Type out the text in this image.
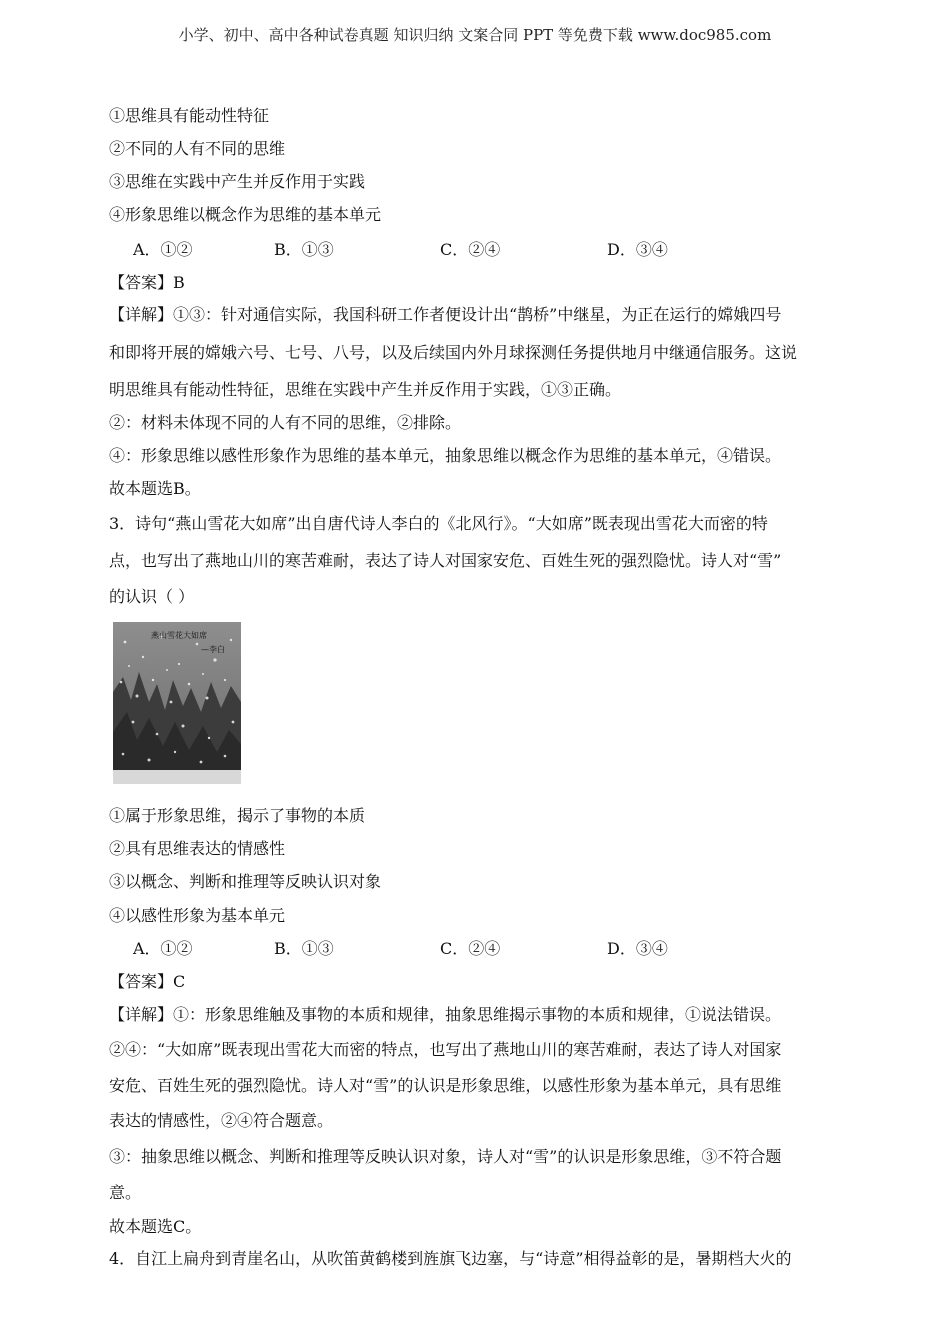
小学、初中、高中各种试卷真题 知识归纳 文案合同 PPT 等免费下载 www.doc985.com
①思维具有能动性特征
②不同的人有不同的思维
③思维在实践中产生并反作用于实践
④形象思维以概念作为思维的基本单元
A．①②	B．①③	C．②④	D．③④
【答案】B
【详解】①③：针对通信实际，我国科研工作者便设计出“鹊桥”中继星，为正在运行的嫦娥四号
和即将开展的嫦娥六号、七号、八号，以及后续国内外月球探测任务提供地月中继通信服务。这说
明思维具有能动性特征，思维在实践中产生并反作用于实践，①③正确。
②：材料未体现不同的人有不同的思维，②排除。
④：形象思维以感性形象作为思维的基本单元，抽象思维以概念作为思维的基本单元，④错误。
故本题选B。
3．诗句“燕山雪花大如席”出自唐代诗人李白的《北风行》。“大如席”既表现出雪花大而密的特
点，也写出了燕地山川的寒苦难耐，表达了诗人对国家安危、百姓生死的强烈隐忧。诗人对“雪”
的认识（ ）
燕山雪花大如席
—李白
①属于形象思维，揭示了事物的本质
②具有思维表达的情感性
③以概念、判断和推理等反映认识对象
④以感性形象为基本单元
A．①②	B．①③	C．②④	D．③④
【答案】C
【详解】①：形象思维触及事物的本质和规律，抽象思维揭示事物的本质和规律，①说法错误。
②④：“大如席”既表现出雪花大而密的特点，也写出了燕地山川的寒苦难耐，表达了诗人对国家
安危、百姓生死的强烈隐忧。诗人对“雪”的认识是形象思维，以感性形象为基本单元，具有思维
表达的情感性，②④符合题意。
③：抽象思维以概念、判断和推理等反映认识对象，诗人对“雪”的认识是形象思维，③不符合题
意。
故本题选C。
4．自江上扁舟到青崖名山，从吹笛黄鹤楼到旌旗飞边塞，与“诗意”相得益彰的是，暑期档大火的
